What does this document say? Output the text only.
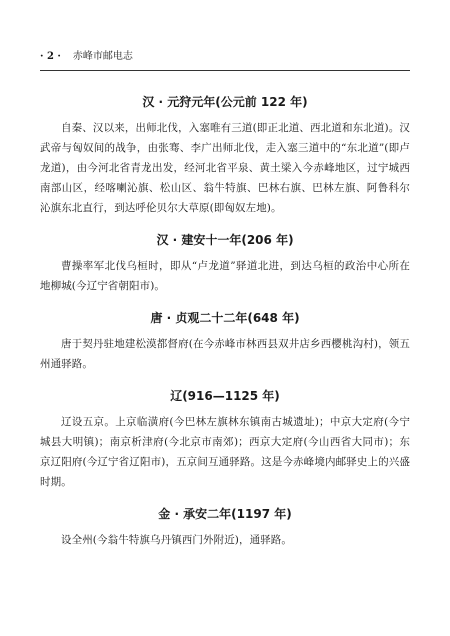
· 2 · 赤峰市邮电志
汉 · 元狩元年(公元前 122 年)

自秦、汉以来，出师北伐，入塞唯有三道(即正北道、西北道和东北道)。汉武帝与匈奴间的战争，由张骞、李广出师北伐，走入塞三道中的“东北道”(即卢龙道)，由今河北省青龙出发，经河北省平泉、黄土梁入今赤峰地区，过宁城西南部山区，经喀喇沁旗、松山区、翁牛特旗、巴林右旗、巴林左旗、阿鲁科尔沁旗东北直行，到达呼伦贝尔大草原(即匈奴左地)。

汉 · 建安十一年(206 年)

曹操率军北伐乌桓时，即从“卢龙道”驿道北进，到达乌桓的政治中心所在地柳城(今辽宁省朝阳市)。

唐 · 贞观二十二年(648 年)

唐于契丹驻地建松漠都督府(在今赤峰市林西县双井店乡西樱桃沟村)，领五州通驿路。

辽(916—1125 年)

辽设五京。上京临潢府(今巴林左旗林东镇南古城遗址)；中京大定府(今宁城县大明镇)；南京析津府(今北京市南郊)；西京大定府(今山西省大同市)；东京辽阳府(今辽宁省辽阳市)，五京间互通驿路。这是今赤峰境内邮驿史上的兴盛时期。

金 · 承安二年(1197 年)

设全州(今翁牛特旗乌丹镇西门外附近)，通驿路。
